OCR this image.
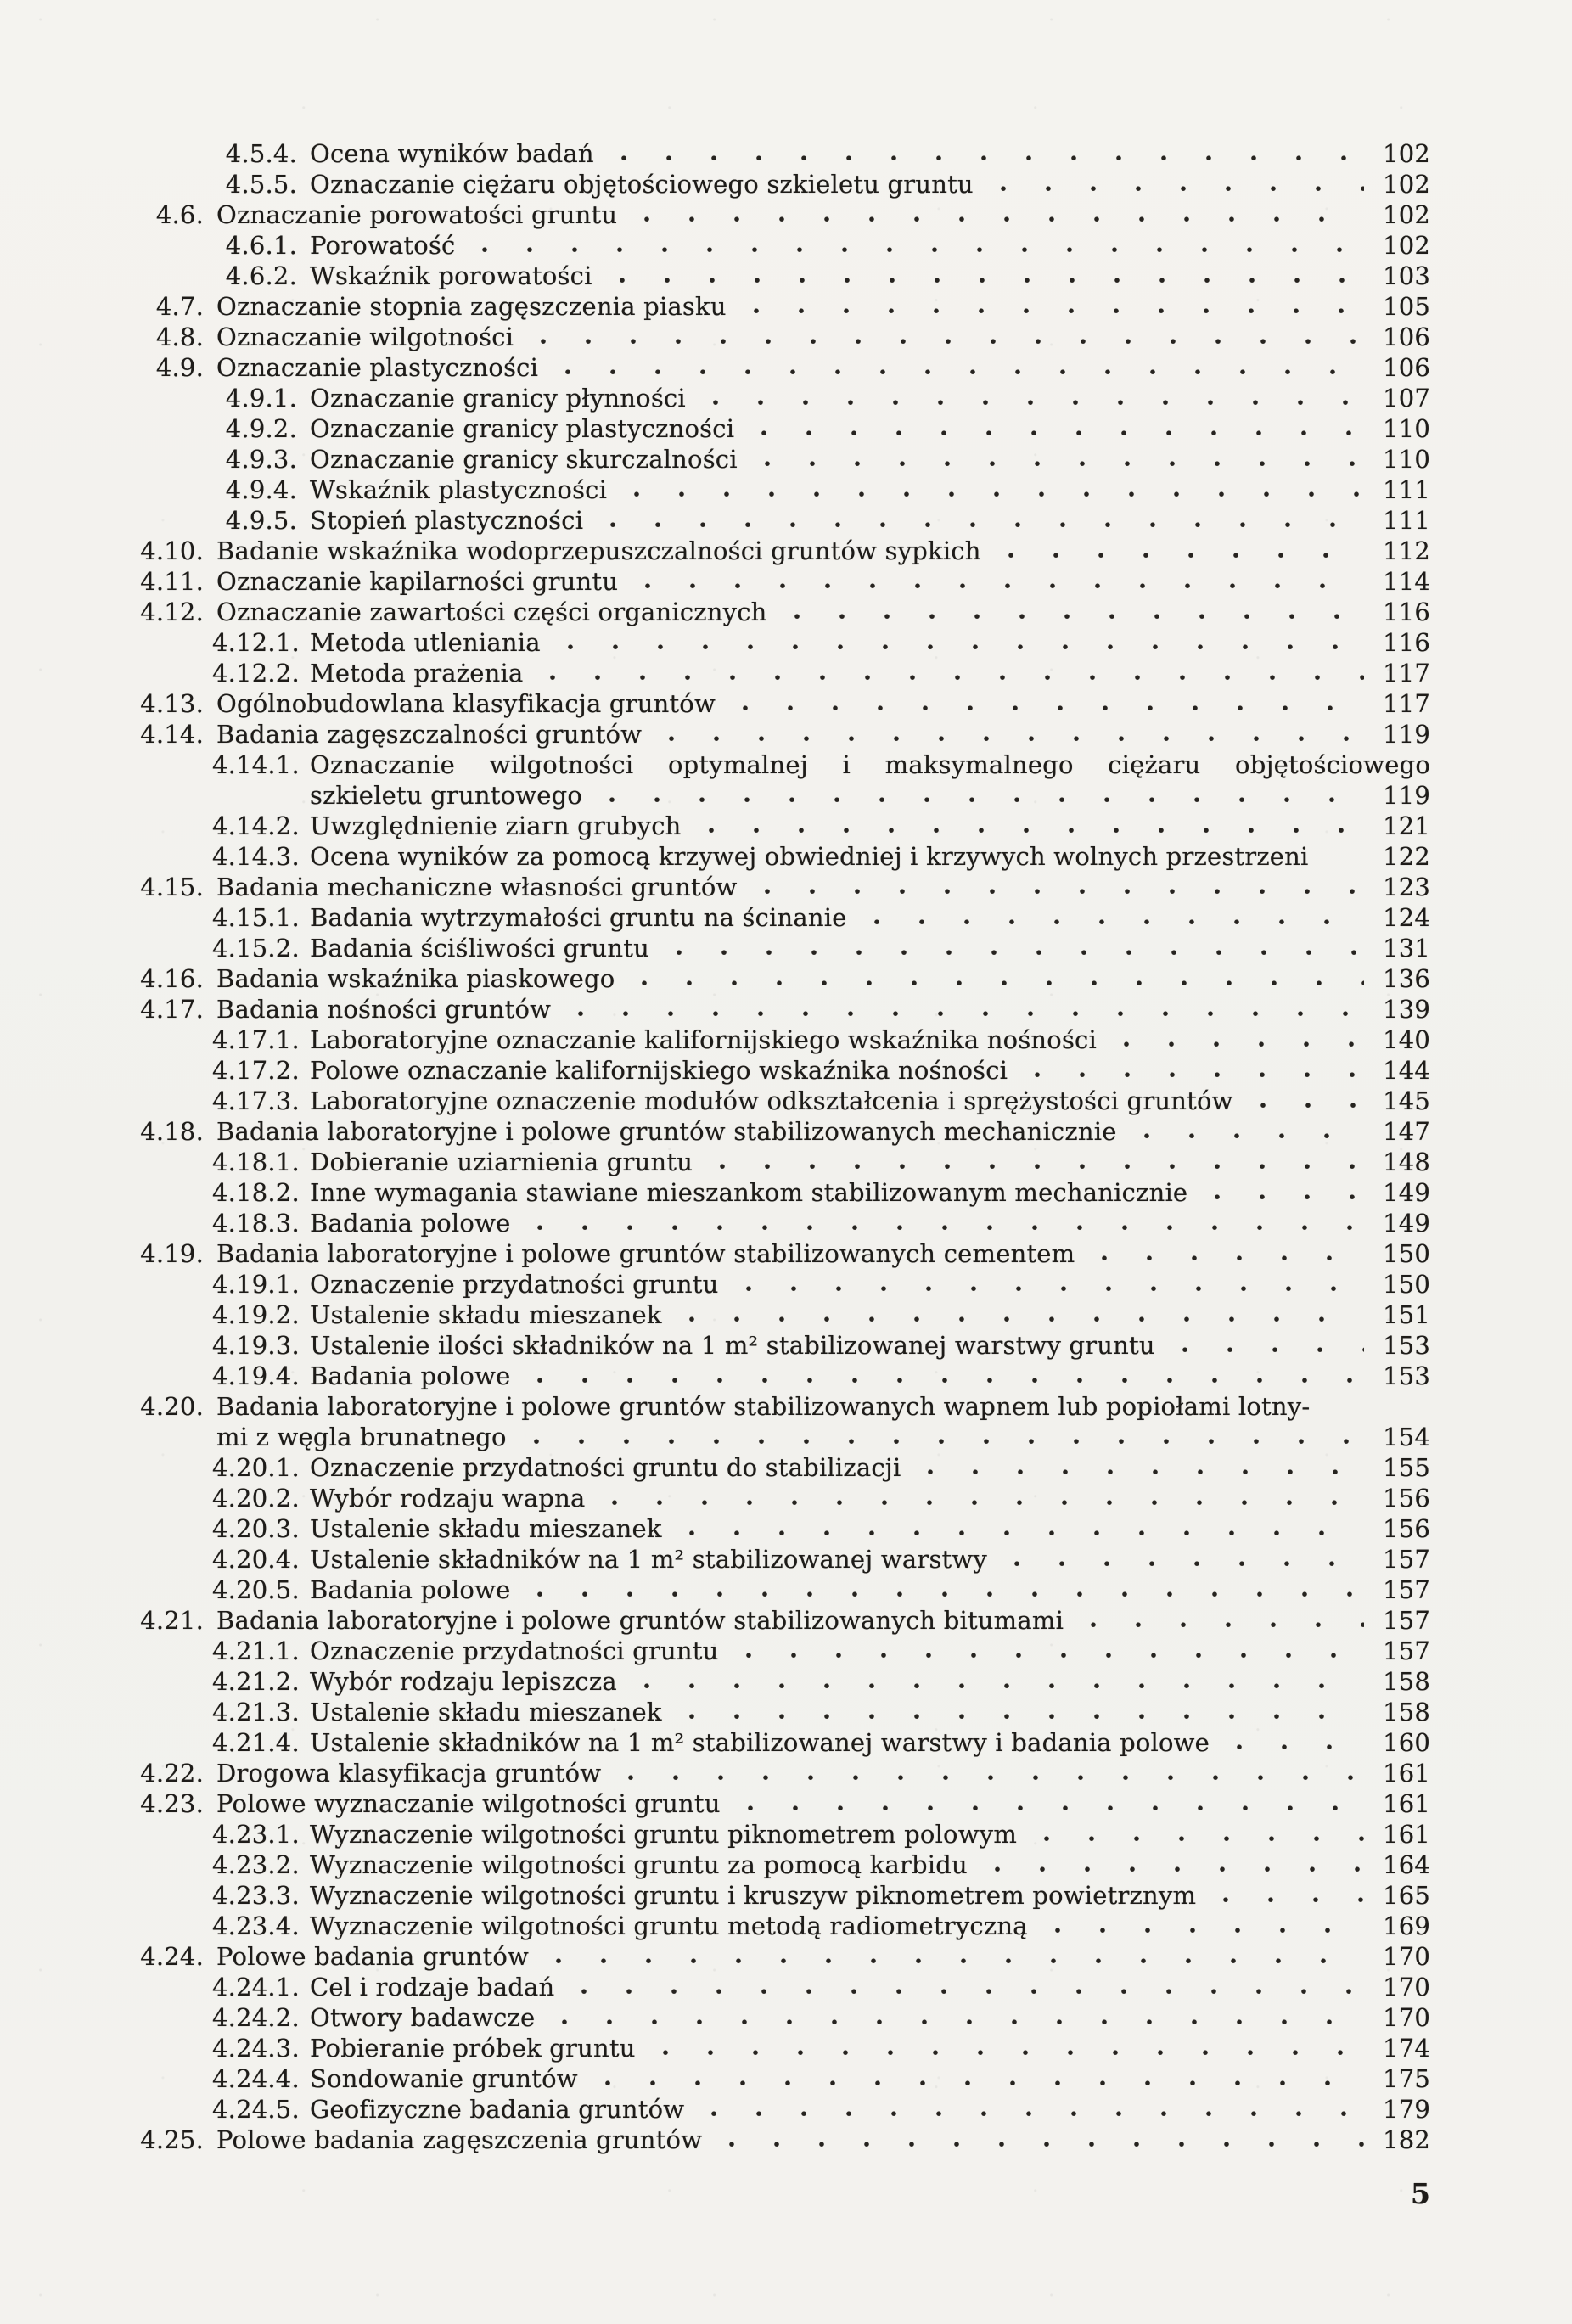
4.5.4. Ocena wyników badań	102
4.5.5. Oznaczanie ciężaru objętościowego szkieletu gruntu	102
4.6. Oznaczanie porowatości gruntu	102
4.6.1. Porowatość	102
4.6.2. Wskaźnik porowatości	103
4.7. Oznaczanie stopnia zagęszczenia piasku	105
4.8. Oznaczanie wilgotności	106
4.9. Oznaczanie plastyczności	106
4.9.1. Oznaczanie granicy płynności	107
4.9.2. Oznaczanie granicy plastyczności	110
4.9.3. Oznaczanie granicy skurczalności	110
4.9.4. Wskaźnik plastyczności	111
4.9.5. Stopień plastyczności	111
4.10. Badanie wskaźnika wodoprzepuszczalności gruntów sypkich	112
4.11. Oznaczanie kapilarności gruntu	114
4.12. Oznaczanie zawartości części organicznych	116
4.12.1. Metoda utleniania	116
4.12.2. Metoda prażenia	117
4.13. Ogólnobudowlana klasyfikacja gruntów	117
4.14. Badania zagęszczalności gruntów	119
4.14.1. Oznaczanie wilgotności optymalnej i maksymalnego ciężaru objętościowego
szkieletu gruntowego	119
4.14.2. Uwzględnienie ziarn grubych	121
4.14.3. Ocena wyników za pomocą krzywej obwiedniej i krzywych wolnych przestrzeni	122
4.15. Badania mechaniczne własności gruntów	123
4.15.1. Badania wytrzymałości gruntu na ścinanie	124
4.15.2. Badania ściśliwości gruntu	131
4.16. Badania wskaźnika piaskowego	136
4.17. Badania nośności gruntów	139
4.17.1. Laboratoryjne oznaczanie kalifornijskiego wskaźnika nośności	140
4.17.2. Polowe oznaczanie kalifornijskiego wskaźnika nośności	144
4.17.3. Laboratoryjne oznaczenie modułów odkształcenia i sprężystości gruntów	145
4.18. Badania laboratoryjne i polowe gruntów stabilizowanych mechanicznie	147
4.18.1. Dobieranie uziarnienia gruntu	148
4.18.2. Inne wymagania stawiane mieszankom stabilizowanym mechanicznie	149
4.18.3. Badania polowe	149
4.19. Badania laboratoryjne i polowe gruntów stabilizowanych cementem	150
4.19.1. Oznaczenie przydatności gruntu	150
4.19.2. Ustalenie składu mieszanek	151
4.19.3. Ustalenie ilości składników na 1 m² stabilizowanej warstwy gruntu	153
4.19.4. Badania polowe	153
4.20. Badania laboratoryjne i polowe gruntów stabilizowanych wapnem lub popiołami lotny-
mi z węgla brunatnego	154
4.20.1. Oznaczenie przydatności gruntu do stabilizacji	155
4.20.2. Wybór rodzaju wapna	156
4.20.3. Ustalenie składu mieszanek	156
4.20.4. Ustalenie składników na 1 m² stabilizowanej warstwy	157
4.20.5. Badania polowe	157
4.21. Badania laboratoryjne i polowe gruntów stabilizowanych bitumami	157
4.21.1. Oznaczenie przydatności gruntu	157
4.21.2. Wybór rodzaju lepiszcza	158
4.21.3. Ustalenie składu mieszanek	158
4.21.4. Ustalenie składników na 1 m² stabilizowanej warstwy i badania polowe	160
4.22. Drogowa klasyfikacja gruntów	161
4.23. Polowe wyznaczanie wilgotności gruntu	161
4.23.1. Wyznaczenie wilgotności gruntu piknometrem polowym	161
4.23.2. Wyznaczenie wilgotności gruntu za pomocą karbidu	164
4.23.3. Wyznaczenie wilgotności gruntu i kruszyw piknometrem powietrznym	165
4.23.4. Wyznaczenie wilgotności gruntu metodą radiometryczną	169
4.24. Polowe badania gruntów	170
4.24.1. Cel i rodzaje badań	170
4.24.2. Otwory badawcze	170
4.24.3. Pobieranie próbek gruntu	174
4.24.4. Sondowanie gruntów	175
4.24.5. Geofizyczne badania gruntów	179
4.25. Polowe badania zagęszczenia gruntów	182
5
